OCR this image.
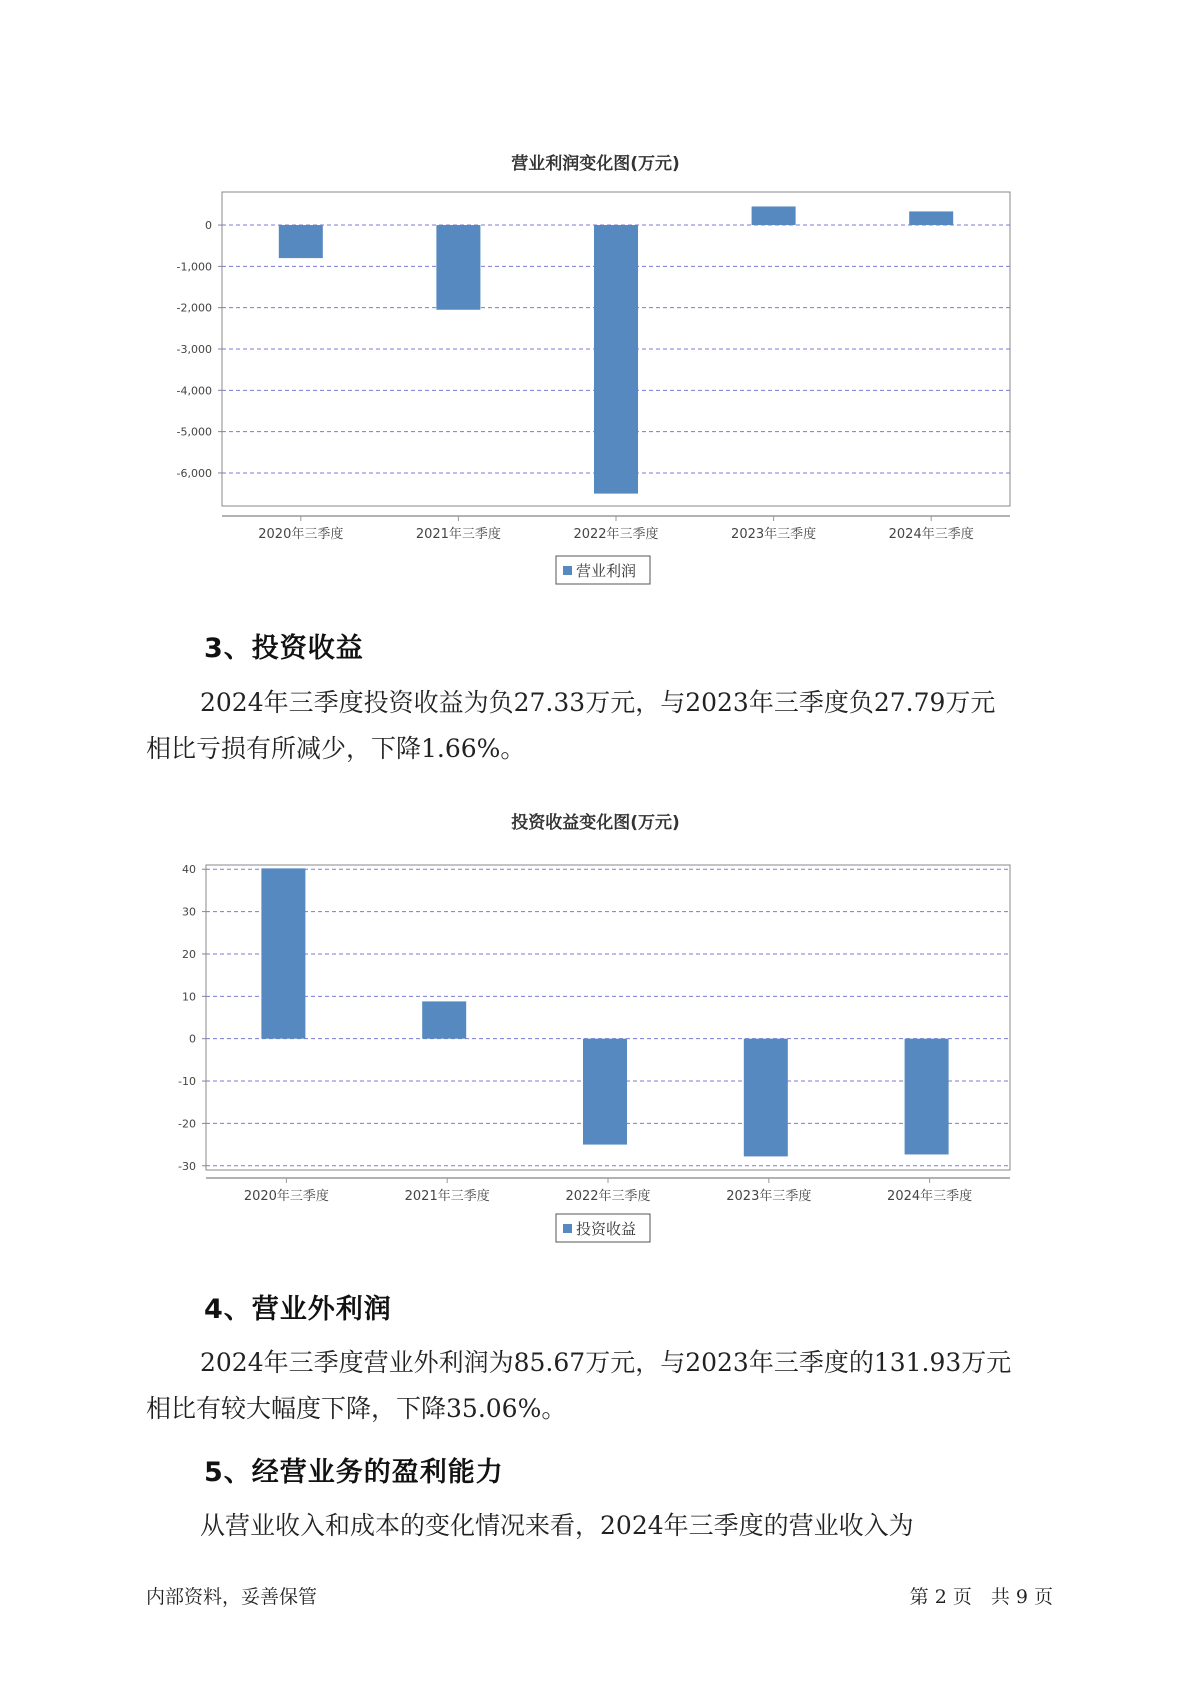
营业利润变化图(万元)
0
-1,000
-2,000
-3,000
-4,000
-5,000
-6,000
2020年三季度	2021年三季度	2022年三季度	2023年三季度	2024年三季度
营业利润
3、投资收益
2024年三季度投资收益为负27.33万元，与2023年三季度负27.79万元
相比亏损有所减少，下降1.66%。
投资收益变化图(万元)
40
30
20
10
0
-10
-20
-30
2020年三季度	2021年三季度	2022年三季度	2023年三季度	2024年三季度
投资收益
4、营业外利润
2024年三季度营业外利润为85.67万元，与2023年三季度的131.93万元
相比有较大幅度下降，下降35.06%。
5、经营业务的盈利能力
从营业收入和成本的变化情况来看，2024年三季度的营业收入为
内部资料，妥善保管	第 2 页　共 9 页
